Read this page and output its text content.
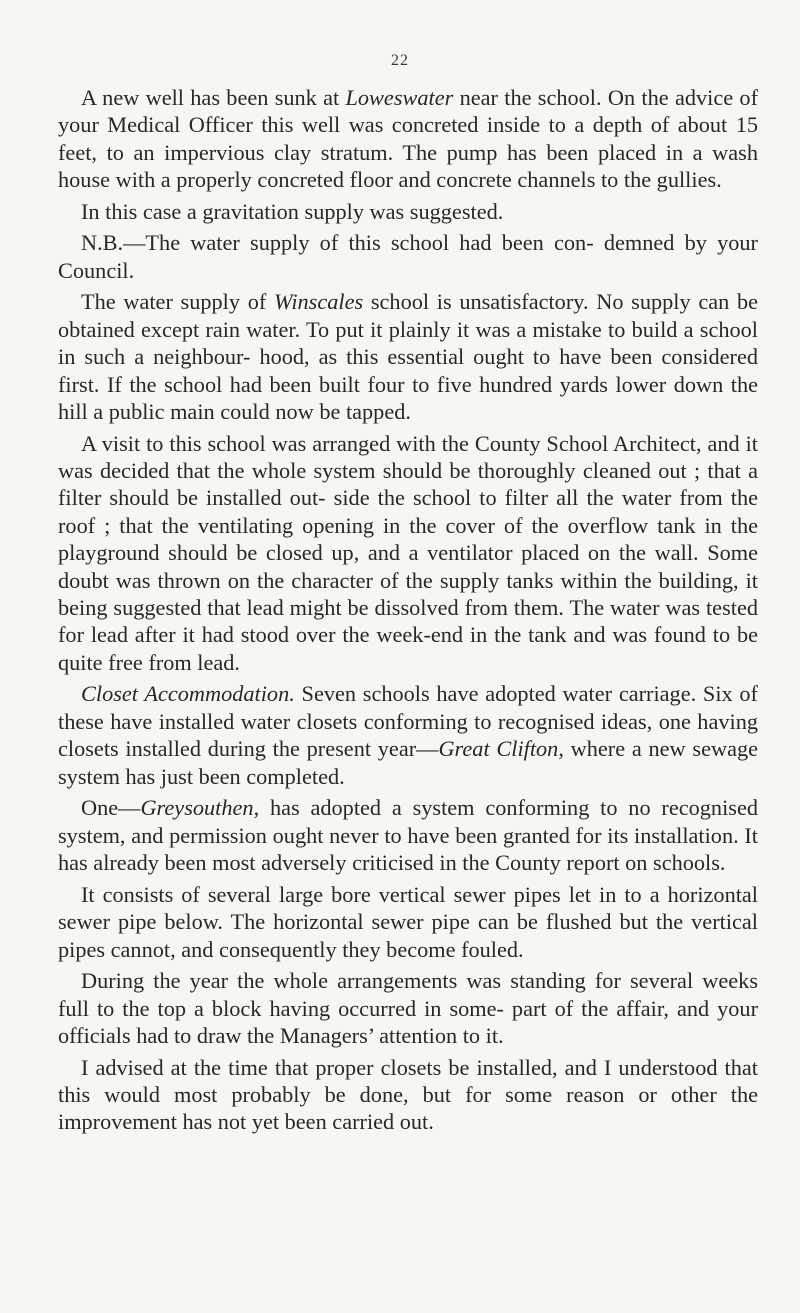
22

A new well has been sunk at Loweswater near the school. On the advice of your Medical Officer this well was concreted inside to a depth of about 15 feet, to an impervious clay stratum. The pump has been placed in a wash house with a properly concreted floor and concrete channels to the gullies.

In this case a gravitation supply was suggested.

N.B.—The water supply of this school had been con- demned by your Council.

The water supply of Winscales school is unsatisfactory. No supply can be obtained except rain water. To put it plainly it was a mistake to build a school in such a neighbour- hood, as this essential ought to have been considered first. If the school had been built four to five hundred yards lower down the hill a public main could now be tapped.

A visit to this school was arranged with the County School Architect, and it was decided that the whole system should be thoroughly cleaned out ; that a filter should be installed out- side the school to filter all the water from the roof ; that the ventilating opening in the cover of the overflow tank in the playground should be closed up, and a ventilator placed on the wall. Some doubt was thrown on the character of the supply tanks within the building, it being suggested that lead might be dissolved from them. The water was tested for lead after it had stood over the week-end in the tank and was found to be quite free from lead.

Closet Accommodation. Seven schools have adopted water carriage. Six of these have installed water closets conforming to recognised ideas, one having closets installed during the present year—Great Clifton, where a new sewage system has just been completed.

One—Greysouthen, has adopted a system conforming to no recognised system, and permission ought never to have been granted for its installation. It has already been most adversely criticised in the County report on schools.

It consists of several large bore vertical sewer pipes let in to a horizontal sewer pipe below. The horizontal sewer pipe can be flushed but the vertical pipes cannot, and consequently they become fouled.

During the year the whole arrangements was standing for several weeks full to the top a block having occurred in some- part of the affair, and your officials had to draw the Managers’ attention to it.

I advised at the time that proper closets be installed, and I understood that this would most probably be done, but for some reason or other the improvement has not yet been carried out.
